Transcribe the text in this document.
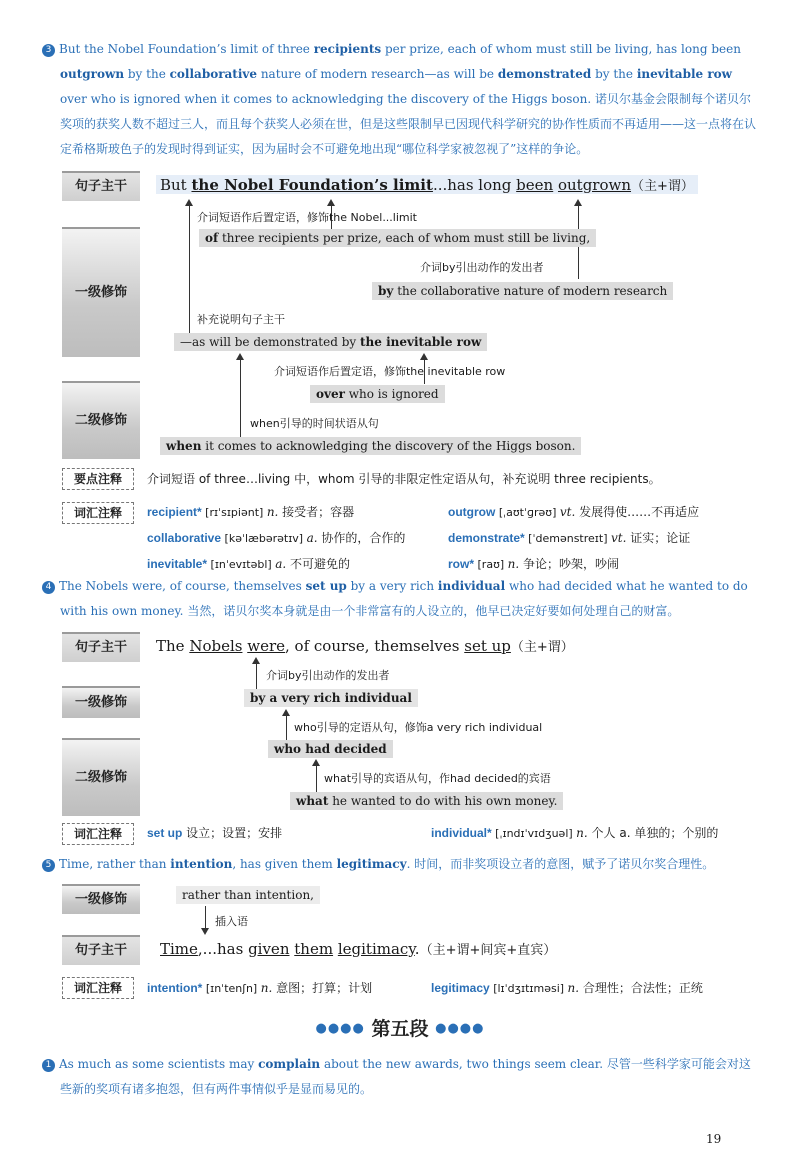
3 But the Nobel Foundation’s limit of three recipients per prize, each of whom must still be living, has long been outgrown by the collaborative nature of modern research—as will be demonstrated by the inevitable row over who is ignored when it comes to acknowledging the discovery of the Higgs boson. 诺贝尔基金会限制每个诺贝尔奖项的获奖人数不超过三人，而且每个获奖人必须在世，但是这些限制早已因现代科学研究的协作性质而不再适用——这一点将在认定希格斯玻色子的发现时得到证实，因为届时会不可避免地出现“哪位科学家被忽视了”这样的争论。
句子主干
一级修饰
二级修饰
But the Nobel Foundation’s limit...has long been outgrown（主+谓）
介词短语作后置定语，修饰the Nobel...limit
of three recipients per prize, each of whom must still be living,
介词by引出动作的发出者
by the collaborative nature of modern research
补充说明句子主干
—as will be demonstrated by the inevitable row
介词短语作后置定语，修饰the inevitable row
over who is ignored
when引导的时间状语从句
when it comes to acknowledging the discovery of the Higgs boson.
要点注释	介词短语 of three…living 中，whom 引导的非限定性定语从句，补充说明 three recipients。
词汇注释	recipient* [rɪˈsɪpiənt] n. 接受者；容器	outgrow [ˌaʊtˈɡrəʊ] vt. 发展得使……不再适应
collaborative [kəˈlæbərətɪv] a. 协作的，合作的	demonstrate* [ˈdemənstreɪt] vt. 证实；论证
inevitable* [ɪnˈevɪtəbl] a. 不可避免的	row* [raʊ] n. 争论；吵架，吵闹
4 The Nobels were, of course, themselves set up by a very rich individual who had decided what he wanted to do with his own money. 当然，诺贝尔奖本身就是由一个非常富有的人设立的，他早已决定好要如何处理自己的财富。
句子主干
一级修饰
二级修饰
The Nobels were, of course, themselves set up（主+谓）
介词by引出动作的发出者
by a very rich individual
who引导的定语从句，修饰a very rich individual
who had decided
what引导的宾语从句，作had decided的宾语
what he wanted to do with his own money.
词汇注释	set up 设立；设置；安排	individual* [ˌɪndɪˈvɪdʒuəl] n. 个人 a. 单独的；个别的
5 Time, rather than intention, has given them legitimacy. 时间，而非奖项设立者的意图，赋予了诺贝尔奖合理性。
一级修饰
句子主干
rather than intention,
插入语
Time,...has given them legitimacy.（主+谓+间宾+直宾）
词汇注释	intention* [ɪnˈtenʃn] n. 意图；打算；计划	legitimacy [lɪˈdʒɪtɪməsi] n. 合理性；合法性；正统
●●●● 第五段 ●●●●
1 As much as some scientists may complain about the new awards, two things seem clear. 尽管一些科学家可能会对这些新的奖项有诸多抱怨，但有两件事情似乎是显而易见的。
19
